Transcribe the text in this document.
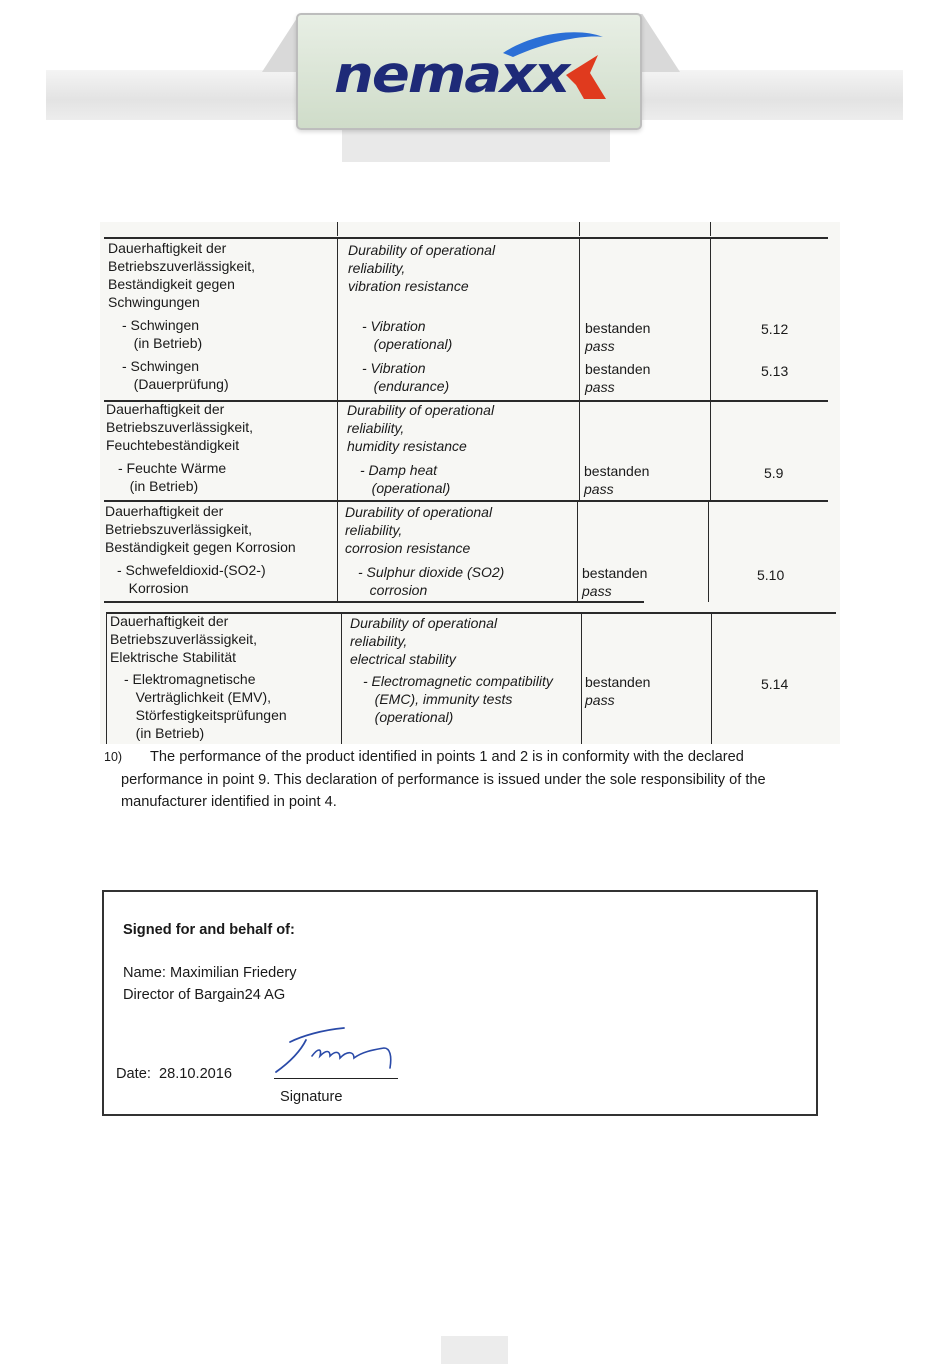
nemaxx
Dauerhaftigkeit der
Betriebszuverlässigkeit,
Beständigkeit gegen
Schwingungen
Durability of operational
reliability,
vibration resistance
- Schwingen
(in Betrieb)
- Vibration
(operational)
bestanden
pass
5.12
- Schwingen
(Dauerprüfung)
- Vibration
(endurance)
bestanden
pass
5.13
Dauerhaftigkeit der
Betriebszuverlässigkeit,
Feuchtebeständigkeit
Durability of operational
reliability,
humidity resistance
- Feuchte Wärme
(in Betrieb)
- Damp heat
(operational)
bestanden
pass
5.9
Dauerhaftigkeit der
Betriebszuverlässigkeit,
Beständigkeit gegen Korrosion
Durability of operational
reliability,
corrosion resistance
- Schwefeldioxid-(SO2-)
Korrosion
- Sulphur dioxide (SO2)
corrosion
bestanden
pass
5.10
Dauerhaftigkeit der
Betriebszuverlässigkeit,
Elektrische Stabilität
Durability of operational
reliability,
electrical stability
- Elektromagnetische
Verträglichkeit (EMV),
Störfestigkeitsprüfungen
(in Betrieb)
- Electromagnetic compatibility
(EMC), immunity tests
(operational)
bestanden
pass
5.14
10) The performance of the product identified in points 1 and 2 is in conformity with the declared
performance in point 9. This declaration of performance is issued under the sole responsibility of the
manufacturer identified in point 4.
Signed for and behalf of:
Name: Maximilian Friedery
Director of Bargain24 AG
Date:  28.10.2016
Signature
